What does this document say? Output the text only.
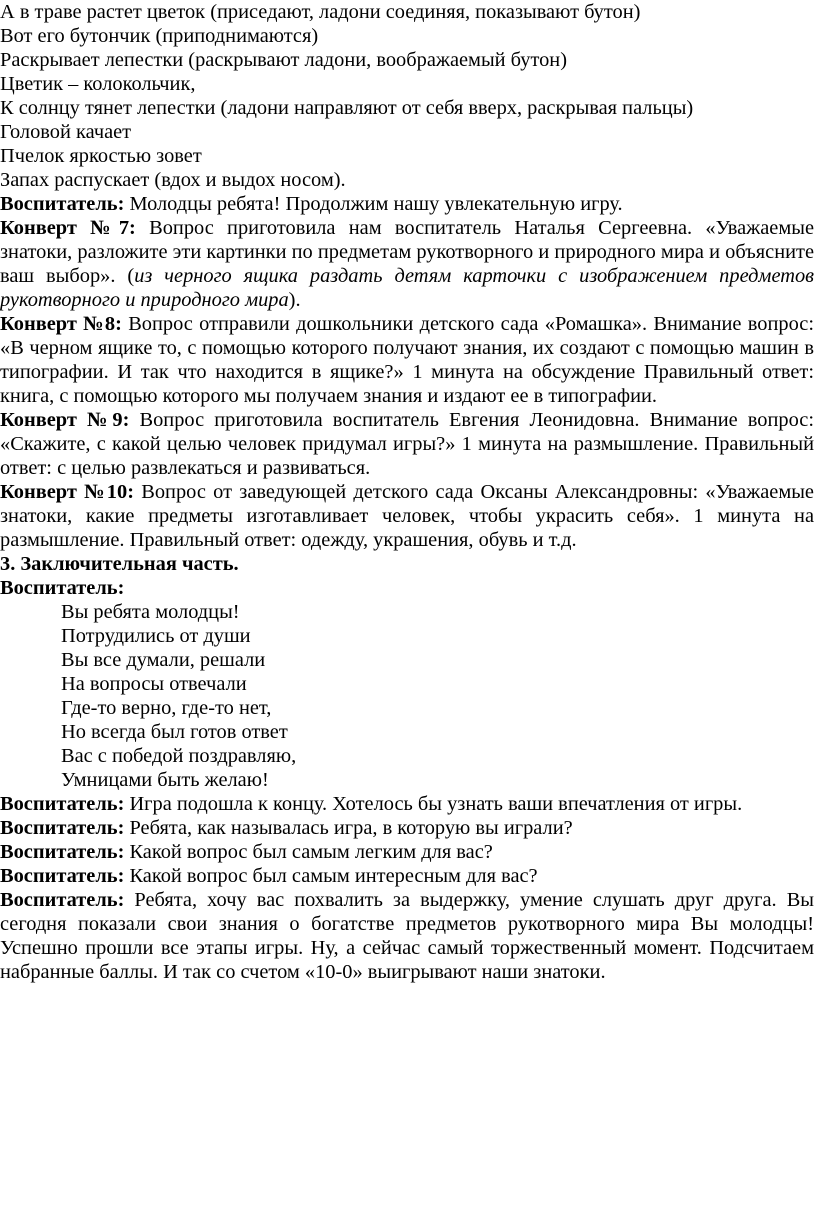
А в траве растет цветок (приседают, ладони соединяя, показывают бутон)

Вот его бутончик (приподнимаются)

Раскрывает лепестки (раскрывают ладони, воображаемый бутон)

Цветик – колокольчик,

К солнцу тянет лепестки (ладони направляют от себя вверх, раскрывая пальцы)

Головой качает

Пчелок яркостью зовет

Запах распускает (вдох и выдох носом).

Воспитатель: Молодцы ребята! Продолжим нашу увлекательную игру.

Конверт №7: Вопрос приготовила нам воспитатель Наталья Сергеевна. «Уважаемые знатоки, разложите эти картинки по предметам рукотворного и природного мира и объясните ваш выбор». (из черного ящика раздать детям карточки с изображением предметов рукотворного и природного мира).

Конверт №8: Вопрос отправили дошкольники детского сада «Ромашка». Внимание вопрос: «В черном ящике то, с помощью которого получают знания, их создают с помощью машин в типографии. И так что находится в ящике?» 1 минута на обсуждение Правильный ответ: книга, с помощью которого мы получаем знания и издают ее в типографии.

Конверт №9: Вопрос приготовила воспитатель Евгения Леонидовна. Внимание вопрос: «Скажите, с какой целью человек придумал игры?» 1 минута на размышление. Правильный ответ: с целью развлекаться и развиваться.

Конверт №10: Вопрос от заведующей детского сада Оксаны Александровны: «Уважаемые знатоки, какие предметы изготавливает человек, чтобы украсить себя». 1 минута на размышление. Правильный ответ: одежду, украшения, обувь и т.д.

3. Заключительная часть.

Воспитатель:

Вы ребята молодцы!

Потрудились от души

Вы все думали, решали

На вопросы отвечали

Где-то верно, где-то нет,

Но всегда был готов ответ

Вас с победой поздравляю,

Умницами быть желаю!

Воспитатель: Игра подошла к концу. Хотелось бы узнать ваши впечатления от игры.

Воспитатель: Ребята, как называлась игра, в которую вы играли?

Воспитатель: Какой вопрос был самым легким для вас?

Воспитатель: Какой вопрос был самым интересным для вас?

Воспитатель: Ребята, хочу вас похвалить за выдержку, умение слушать друг друга. Вы сегодня показали свои знания о богатстве предметов рукотворного мира Вы молодцы! Успешно прошли все этапы игры. Ну, а сейчас самый торжественный момент. Подсчитаем набранные баллы. И так со счетом «10-0» выигрывают наши знатоки.
